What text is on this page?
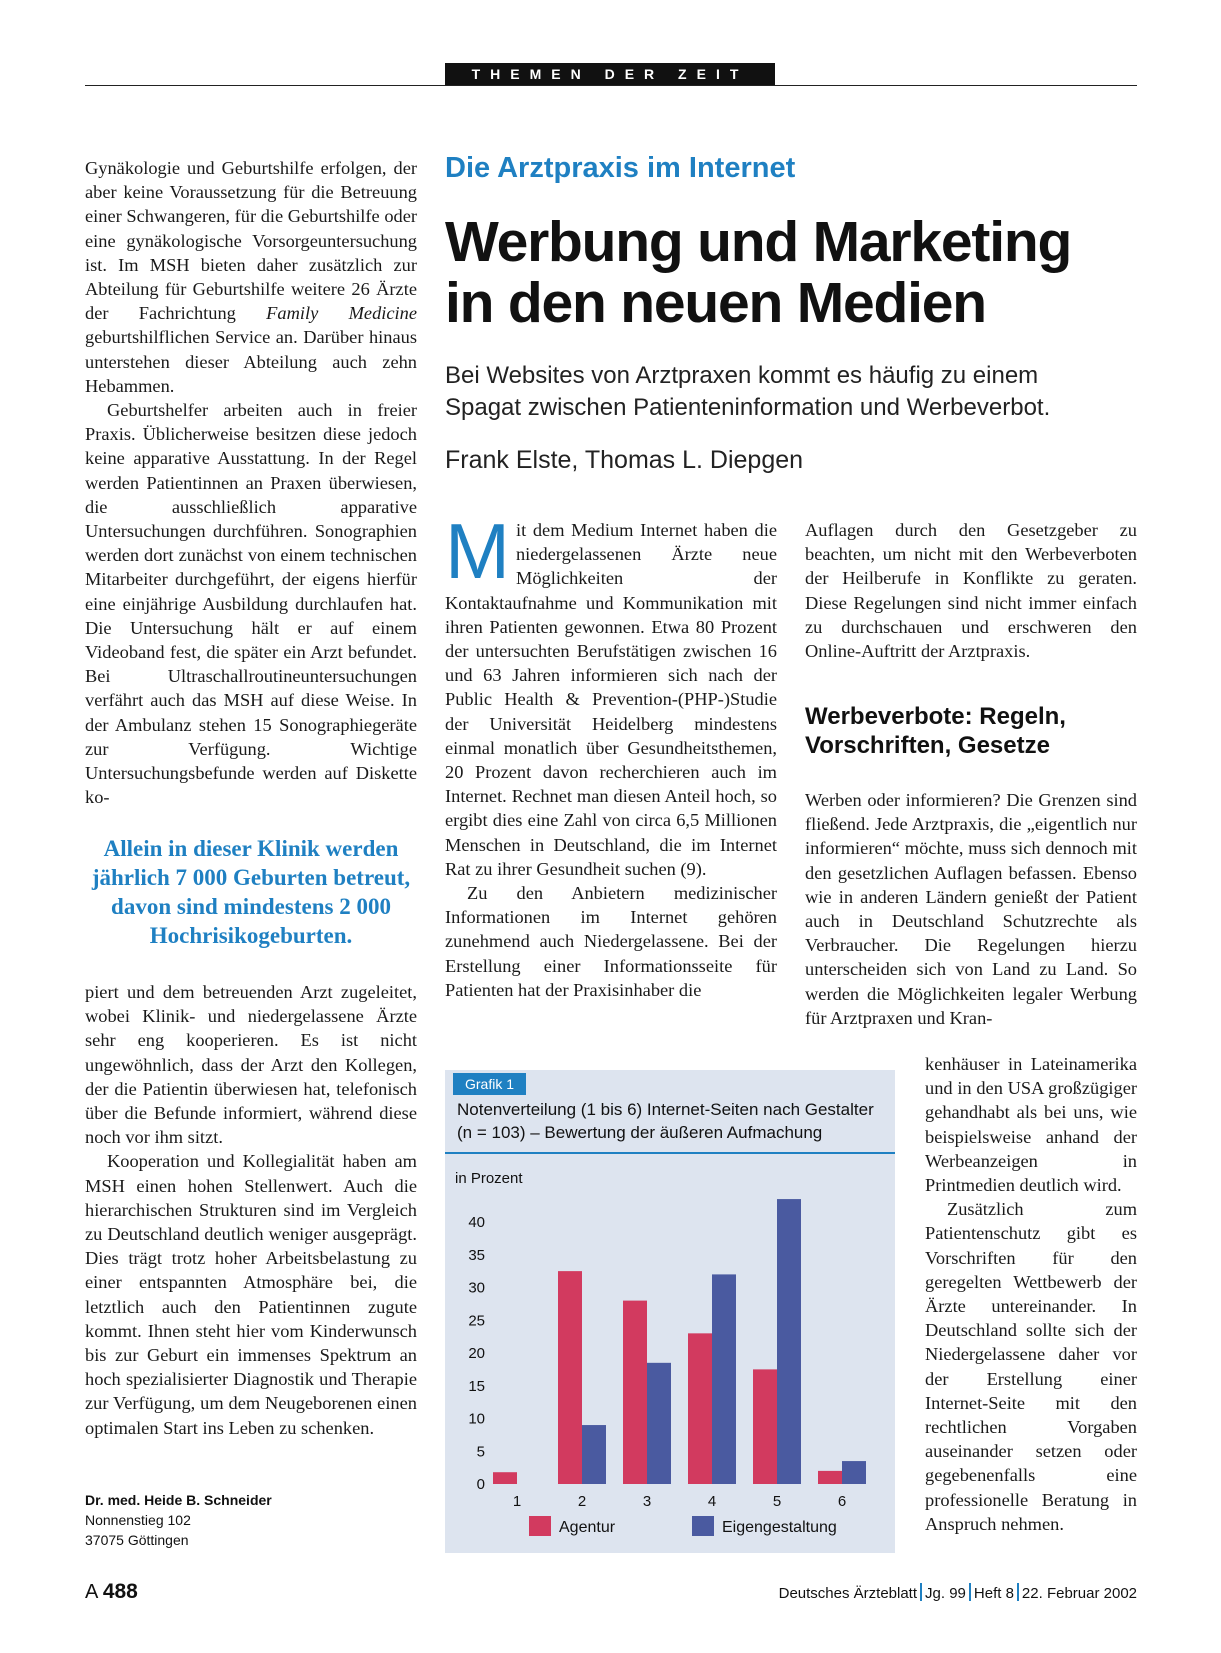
THEMEN DER ZEIT

Gynäkologie und Geburtshilfe erfolgen, der aber keine Voraussetzung für die Betreuung einer Schwangeren, für die Geburtshilfe oder eine gynäkologische Vorsorgeuntersuchung ist. Im MSH bieten daher zusätzlich zur Abteilung für Geburtshilfe weitere 26 Ärzte der Fachrichtung Family Medicine geburtshilflichen Service an. Darüber hinaus unterstehen dieser Abteilung auch zehn Hebammen.

Geburtshelfer arbeiten auch in freier Praxis. Üblicherweise besitzen diese jedoch keine apparative Ausstattung. In der Regel werden Patientinnen an Praxen überwiesen, die ausschließlich apparative Untersuchungen durchführen. Sonographien werden dort zunächst von einem technischen Mitarbeiter durchgeführt, der eigens hierfür eine einjährige Ausbildung durchlaufen hat. Die Untersuchung hält er auf einem Videoband fest, die später ein Arzt befundet. Bei Ultraschallroutineuntersuchungen verfährt auch das MSH auf diese Weise. In der Ambulanz stehen 15 Sonographiegeräte zur Verfügung. Wichtige Untersuchungsbefunde werden auf Diskette ko-

Allein in dieser Klinik werden jährlich 7 000 Geburten betreut, davon sind mindestens 2 000 Hochrisikogeburten.

piert und dem betreuenden Arzt zugeleitet, wobei Klinik- und niedergelassene Ärzte sehr eng kooperieren. Es ist nicht ungewöhnlich, dass der Arzt den Kollegen, der die Patientin überwiesen hat, telefonisch über die Befunde informiert, während diese noch vor ihm sitzt.

Kooperation und Kollegialität haben am MSH einen hohen Stellenwert. Auch die hierarchischen Strukturen sind im Vergleich zu Deutschland deutlich weniger ausgeprägt. Dies trägt trotz hoher Arbeitsbelastung zu einer entspannten Atmosphäre bei, die letztlich auch den Patientinnen zugute kommt. Ihnen steht hier vom Kinderwunsch bis zur Geburt ein immenses Spektrum an hoch spezialisierter Diagnostik und Therapie zur Verfügung, um dem Neugeborenen einen optimalen Start ins Leben zu schenken.

Dr. med. Heide B. Schneider
Nonnenstieg 102
37075 Göttingen
Die Arztpraxis im Internet
Werbung und Marketing
in den neuen Medien
Bei Websites von Arztpraxen kommt es häufig zu einem
Spagat zwischen Patienteninformation und Werbeverbot.
Frank Elste, Thomas L. Diepgen

Mit dem Medium Internet haben die niedergelassenen Ärzte neue Möglichkeiten der Kontaktaufnahme und Kommunikation mit ihren Patienten gewonnen. Etwa 80 Prozent der untersuchten Berufstätigen zwischen 16 und 63 Jahren informieren sich nach der Public Health & Prevention-(PHP-)Studie der Universität Heidelberg mindestens einmal monatlich über Gesundheitsthemen, 20 Prozent davon recherchieren auch im Internet. Rechnet man diesen Anteil hoch, so ergibt dies eine Zahl von circa 6,5 Millionen Menschen in Deutschland, die im Internet Rat zu ihrer Gesundheit suchen (9).

Zu den Anbietern medizinischer Informationen im Internet gehören zunehmend auch Niedergelassene. Bei der Erstellung einer Informationsseite für Patienten hat der Praxisinhaber die

Auflagen durch den Gesetzgeber zu beachten, um nicht mit den Werbeverboten der Heilberufe in Konflikte zu geraten. Diese Regelungen sind nicht immer einfach zu durchschauen und erschweren den Online-Auftritt der Arztpraxis.

Werbeverbote: Regeln, Vorschriften, Gesetze

Werben oder informieren? Die Grenzen sind fließend. Jede Arztpraxis, die „eigentlich nur informieren“ möchte, muss sich dennoch mit den gesetzlichen Auflagen befassen. Ebenso wie in anderen Ländern genießt der Patient auch in Deutschland Schutzrechte als Verbraucher. Die Regelungen hierzu unterscheiden sich von Land zu Land. So werden die Möglichkeiten legaler Werbung für Arztpraxen und Kran-

kenhäuser in Lateinamerika und in den USA großzügiger gehandhabt als bei uns, wie beispielsweise anhand der Werbeanzeigen in Printmedien deutlich wird.

Zusätzlich zum Patientenschutz gibt es Vorschriften für den geregelten Wettbewerb der Ärzte untereinander. In Deutschland sollte sich der Niedergelassene daher vor der Erstellung einer Internet-Seite mit den rechtlichen Vorgaben auseinander setzen oder gegebenenfalls eine professionelle Beratung in Anspruch nehmen.

Grafik 1
Notenverteilung (1 bis 6) Internet-Seiten nach Gestalter
(n = 103) – Bewertung der äußeren Aufmachung
in Prozent
0
5
10
15
20
25
30
35
40
1	2	3	4	5	6
Agentur	Eigengestaltung
A 488	Deutsches Ärzteblatt Jg. 99 Heft 8 22. Februar 2002
